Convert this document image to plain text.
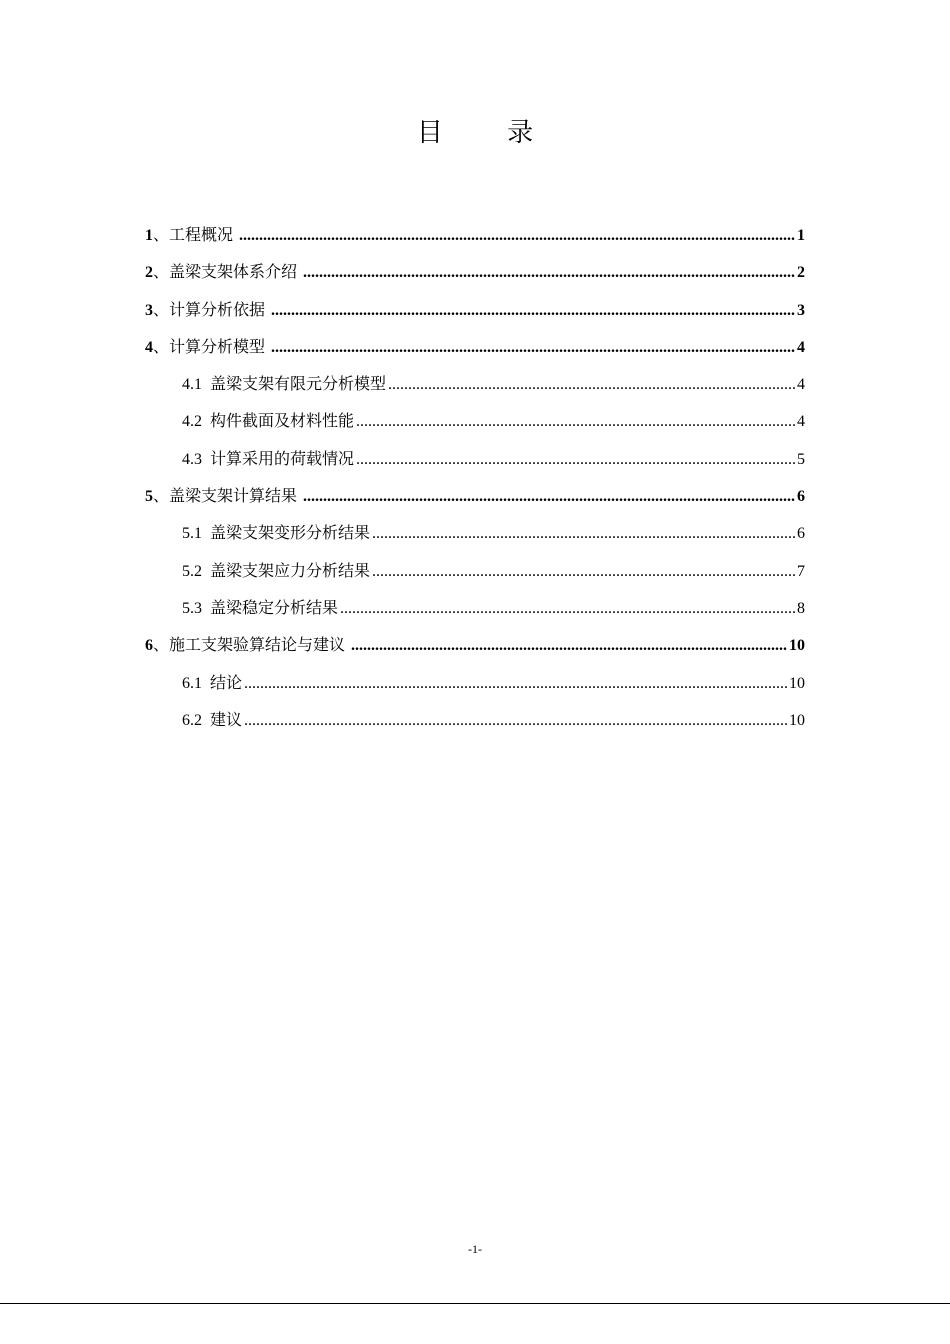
目 录
1 、 工程概况 .....	1
2 、 盖梁支架体系介绍 .....	2
3 、 计算分析依据 .....	3
4 、 计算分析模型 .....	4
4.1 盖梁支架有限元分析模型 .....	4
4.2 构件截面及材料性能 .....	4
4.3 计算采用的荷载情况 .....	5
5 、 盖梁支架计算结果 .....	6
5.1 盖梁支架变形分析结果 .....	6
5.2 盖梁支架应力分析结果 .....	7
5.3 盖梁稳定分析结果 .....	8
6 、 施工支架验算结论与建议 .....	10
6.1 结论 .....	10
6.2 建议 .....	10
-1-
